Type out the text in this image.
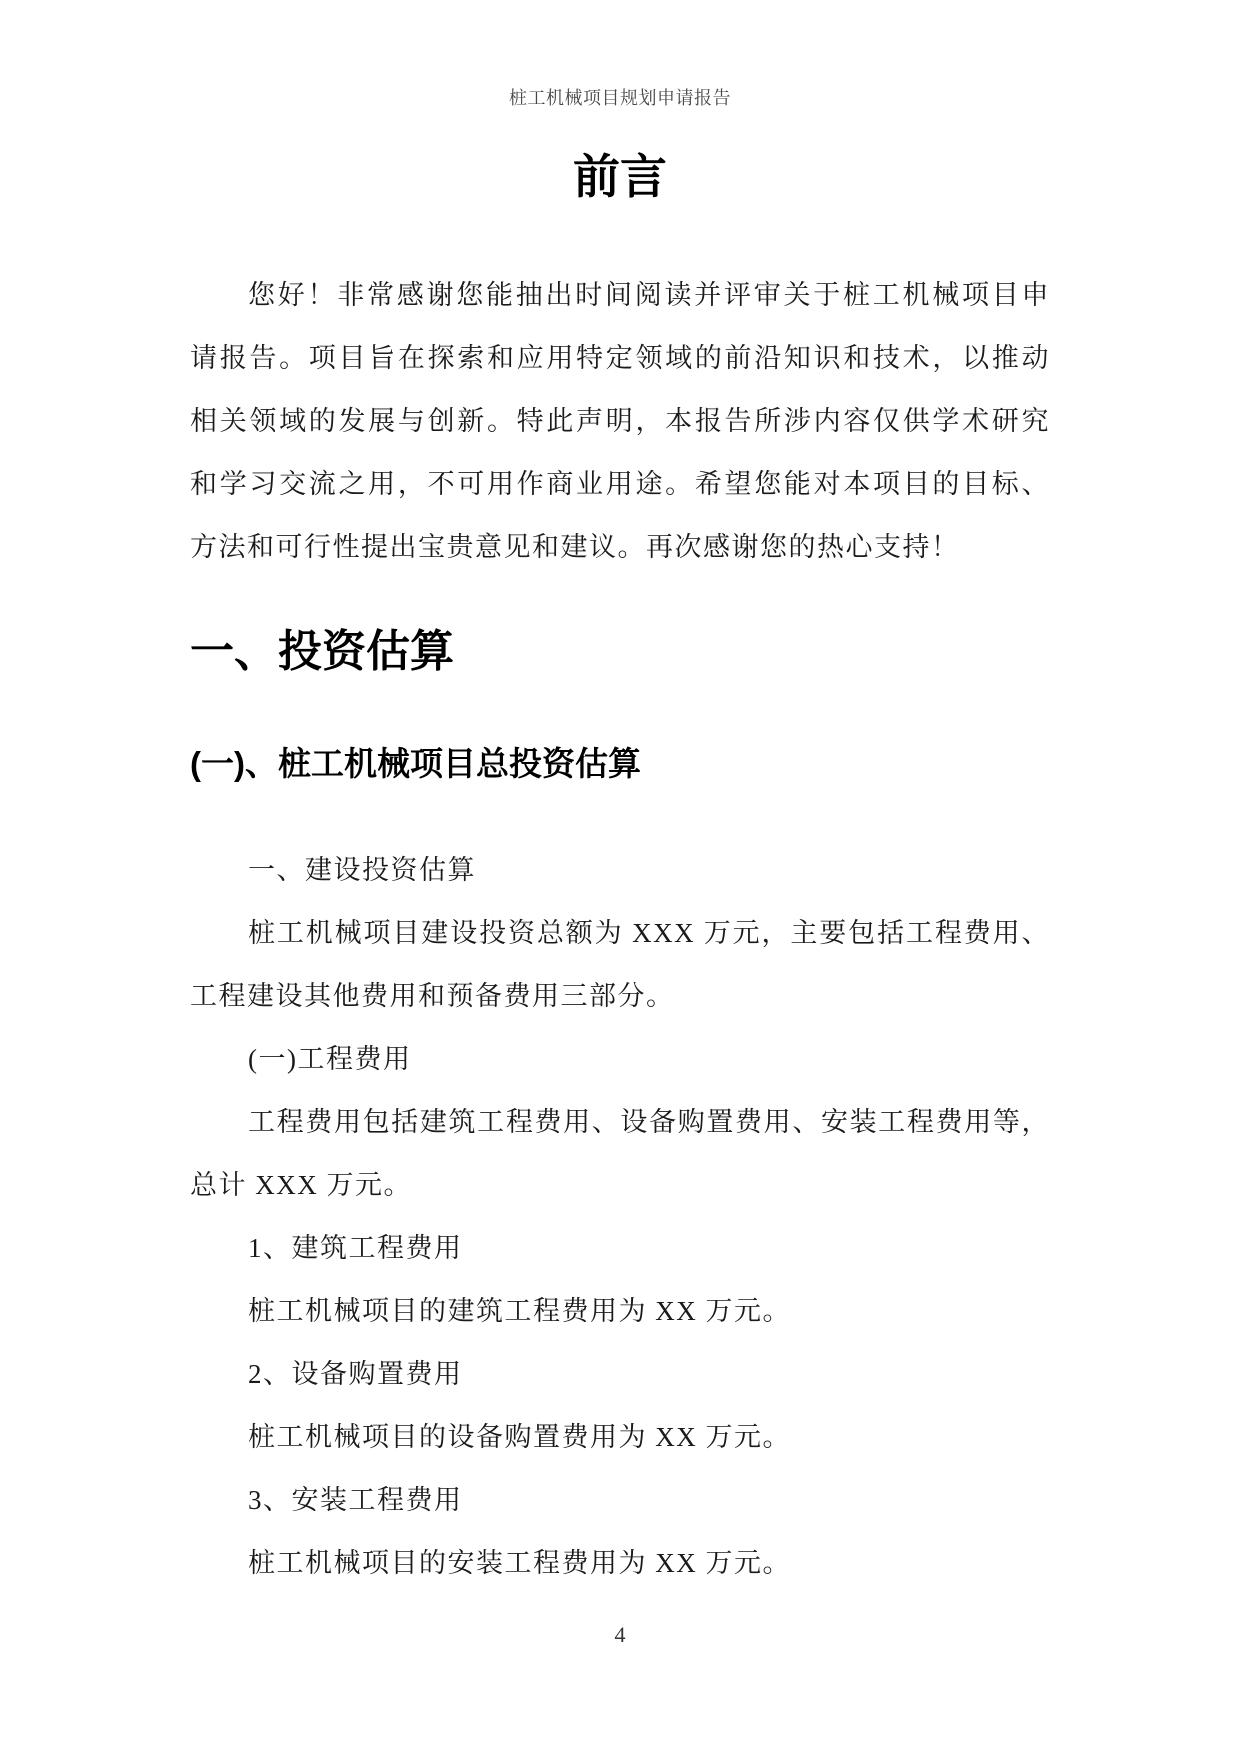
桩工机械项目规划申请报告
前言
您好！非常感谢您能抽出时间阅读并评审关于桩工机械项目申
请报告。项目旨在探索和应用特定领域的前沿知识和技术，以推动
相关领域的发展与创新。特此声明，本报告所涉内容仅供学术研究
和学习交流之用，不可用作商业用途。希望您能对本项目的目标、
方法和可行性提出宝贵意见和建议。再次感谢您的热心支持！
一、投资估算
(一)、桩工机械项目总投资估算
一、建设投资估算
桩工机械项目建设投资总额为 XXX 万元，主要包括工程费用、
工程建设其他费用和预备费用三部分。
(一)工程费用
工程费用包括建筑工程费用、设备购置费用、安装工程费用等，
总计 XXX 万元。
1、建筑工程费用
桩工机械项目的建筑工程费用为 XX 万元。
2、设备购置费用
桩工机械项目的设备购置费用为 XX 万元。
3、安装工程费用
桩工机械项目的安装工程费用为 XX 万元。
4
